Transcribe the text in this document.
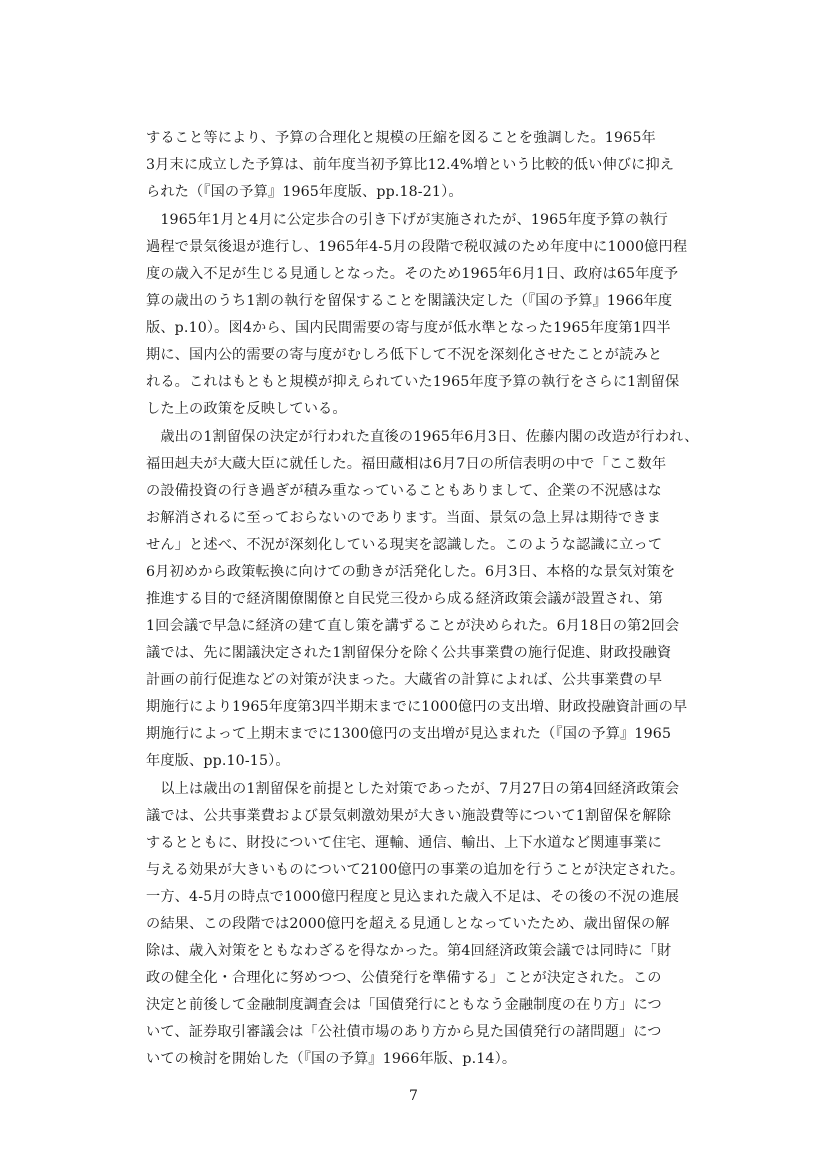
すること等により、予算の合理化と規模の圧縮を図ることを強調した。1965年
3月末に成立した予算は、前年度当初予算比12.4%増という比較的低い伸びに抑え
られた（『国の予算』1965年度版、pp.18-21）。
　1965年1月と4月に公定歩合の引き下げが実施されたが、1965年度予算の執行
過程で景気後退が進行し、1965年4-5月の段階で税収減のため年度中に1000億円程
度の歳入不足が生じる見通しとなった。そのため1965年6月1日、政府は65年度予
算の歳出のうち1割の執行を留保することを閣議決定した（『国の予算』1966年度
版、p.10）。図4から、国内民間需要の寄与度が低水準となった1965年度第1四半
期に、国内公的需要の寄与度がむしろ低下して不況を深刻化させたことが読みと
れる。これはもともと規模が抑えられていた1965年度予算の執行をさらに1割留保
した上の政策を反映している。
　歳出の1割留保の決定が行われた直後の1965年6月3日、佐藤内閣の改造が行われ、
福田赳夫が大蔵大臣に就任した。福田蔵相は6月7日の所信表明の中で「ここ数年
の設備投資の行き過ぎが積み重なっていることもありまして、企業の不況感はな
お解消されるに至っておらないのであります。当面、景気の急上昇は期待できま
せん」と述べ、不況が深刻化している現実を認識した。このような認識に立って
6月初めから政策転換に向けての動きが活発化した。6月3日、本格的な景気対策を
推進する目的で経済閣僚閣僚と自民党三役から成る経済政策会議が設置され、第
1回会議で早急に経済の建て直し策を講ずることが決められた。6月18日の第2回会
議では、先に閣議決定された1割留保分を除く公共事業費の施行促進、財政投融資
計画の前行促進などの対策が決まった。大蔵省の計算によれば、公共事業費の早
期施行により1965年度第3四半期末までに1000億円の支出増、財政投融資計画の早
期施行によって上期末までに1300億円の支出増が見込まれた（『国の予算』1965
年度版、pp.10-15）。
　以上は歳出の1割留保を前提とした対策であったが、7月27日の第4回経済政策会
議では、公共事業費および景気刺激効果が大きい施設費等について1割留保を解除
するとともに、財投について住宅、運輸、通信、輸出、上下水道など関連事業に
与える効果が大きいものについて2100億円の事業の追加を行うことが決定された。
一方、4-5月の時点で1000億円程度と見込まれた歳入不足は、その後の不況の進展
の結果、この段階では2000億円を超える見通しとなっていたため、歳出留保の解
除は、歳入対策をともなわざるを得なかった。第4回経済政策会議では同時に「財
政の健全化・合理化に努めつつ、公債発行を準備する」ことが決定された。この
決定と前後して金融制度調査会は「国債発行にともなう金融制度の在り方」につ
いて、証券取引審議会は「公社債市場のあり方から見た国債発行の諸問題」につ
いての検討を開始した（『国の予算』1966年版、p.14）。
7
